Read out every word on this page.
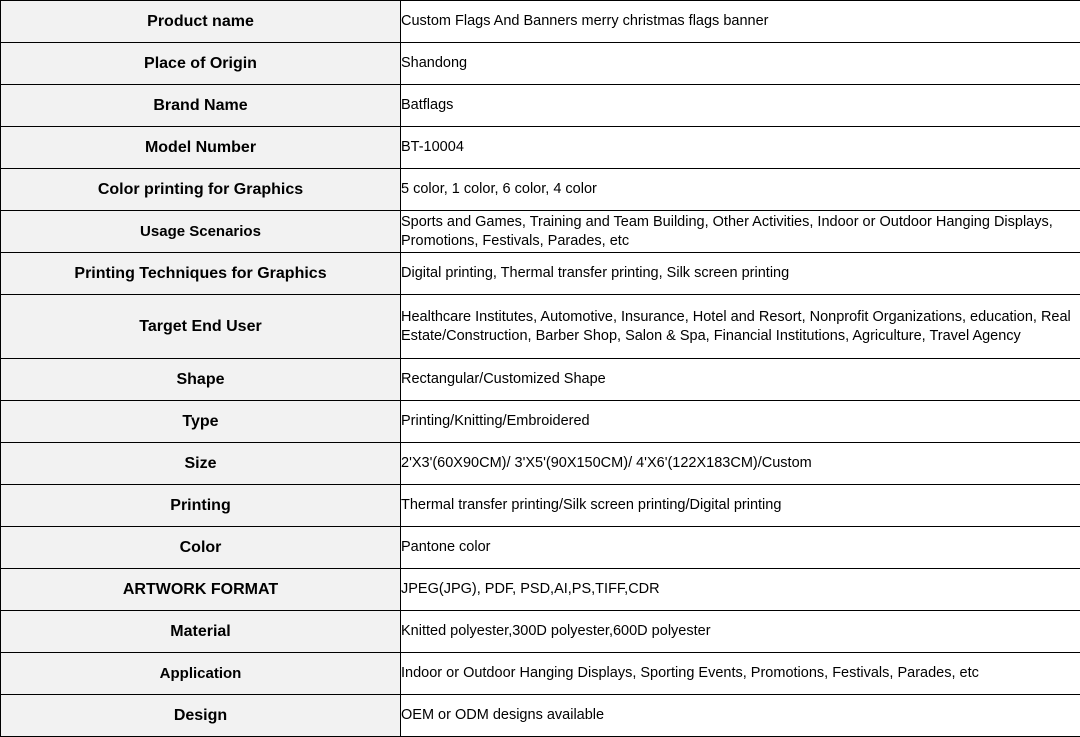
Product name	Custom Flags And Banners merry christmas flags banner
Place of Origin	Shandong
Brand Name	Batflags
Model Number	BT-10004
Color printing for Graphics	5 color, 1 color, 6 color, 4 color
Usage Scenarios	Sports and Games, Training and Team Building, Other Activities, Indoor or Outdoor Hanging Displays, Promotions, Festivals, Parades, etc
Printing Techniques for Graphics	Digital printing, Thermal transfer printing, Silk screen printing
Target End User	Healthcare Institutes, Automotive, Insurance, Hotel and Resort, Nonprofit Organizations, education, Real Estate/Construction, Barber Shop, Salon & Spa, Financial Institutions, Agriculture, Travel Agency
Shape	Rectangular/Customized Shape
Type	Printing/Knitting/Embroidered
Size	2'X3'(60X90CM)/ 3'X5'(90X150CM)/ 4'X6'(122X183CM)/Custom
Printing	Thermal transfer printing/Silk screen printing/Digital printing
Color	Pantone color
ARTWORK FORMAT	JPEG(JPG), PDF, PSD,AI,PS,TIFF,CDR
Material	Knitted polyester,300D polyester,600D polyester
Application	Indoor or Outdoor Hanging Displays, Sporting Events, Promotions, Festivals, Parades, etc
Design	OEM or ODM designs available
